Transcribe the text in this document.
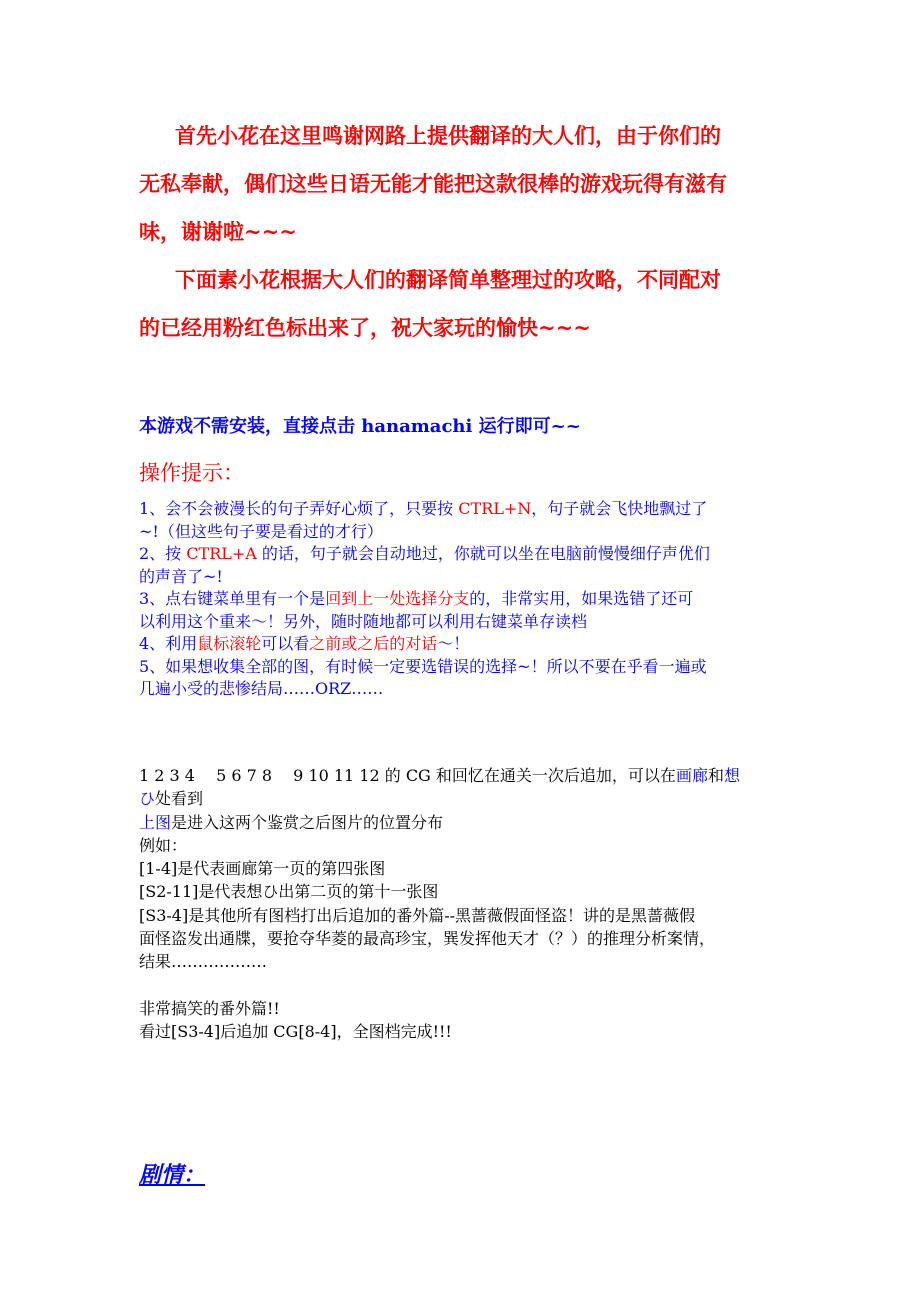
首先小花在这里鸣谢网路上提供翻译的大人们，由于你们的
无私奉献，偶们这些日语无能才能把这款很棒的游戏玩得有滋有
味，谢谢啦~~~
下面素小花根据大人们的翻译简单整理过的攻略，不同配对
的已经用粉红色标出来了，祝大家玩的愉快~~~
本游戏不需安装，直接点击 hanamachi 运行即可~~
操作提示：
1、会不会被漫长的句子弄好心烦了，只要按 CTRL+N，句子就会飞快地飘过了
~!（但这些句子要是看过的才行）
2、按 CTRL+A 的话，句子就会自动地过，你就可以坐在电脑前慢慢细仔声优们
的声音了~!
3、点右键菜单里有一个是回到上一处选择分支的，非常实用，如果选错了还可
以利用这个重来～！另外，随时随地都可以利用右键菜单存读档
4、利用鼠标滚轮可以看之前或之后的对话～！
5、如果想收集全部的图，有时候一定要选错误的选择~！所以不要在乎看一遍或
几遍小受的悲惨结局……ORZ……
1 2 3 4　 5 6 7 8　 9 10 11 12 的 CG 和回忆在通关一次后追加，可以在画廊和想
ひ处看到
上图是进入这两个鉴赏之后图片的位置分布
例如：
[1-4]是代表画廊第一页的第四张图
[S2-11]是代表想ひ出第二页的第十一张图
[S3-4]是其他所有图档打出后追加的番外篇--黑蔷薇假面怪盗！讲的是黑蔷薇假
面怪盗发出通牒，要抢夺华菱的最高珍宝，巽发挥他天才（？）的推理分析案情，
结果………………
非常搞笑的番外篇!!
看过[S3-4]后追加 CG[8-4]，全图档完成!!!
剧情：
